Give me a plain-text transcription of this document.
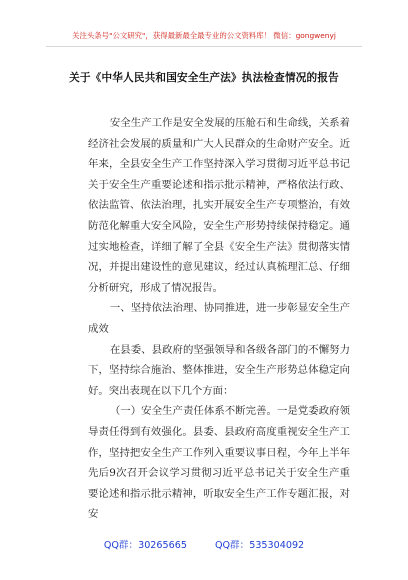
关注头条号"公文研究"，获得最新最全最专业的公文资料库！ 微信：gongwenyj
关于《中华人民共和国安全生产法》执法检查情况的报告

安全生产工作是安全发展的压舱石和生命线，关系着经济社会发展的质量和广大人民群众的生命财产安全。近年来，全县安全生产工作坚持深入学习贯彻习近平总书记关于安全生产重要论述和指示批示精神，严格依法行政、依法监管、依法治理，扎实开展安全生产专项整治，有效防范化解重大安全风险，安全生产形势持续保持稳定。通过实地检查，详细了解了全县《安全生产法》贯彻落实情况，并提出建设性的意见建议，经过认真梳理汇总、仔细分析研究，形成了情况报告。

一、坚持依法治理、协同推进，进一步彰显安全生产成效

在县委、县政府的坚强领导和各级各部门的不懈努力下，坚持综合施治、整体推进，安全生产形势总体稳定向好。突出表现在以下几个方面：

（一）安全生产责任体系不断完善。一是党委政府领导责任得到有效强化。县委、县政府高度重视安全生产工作，坚持把安全生产工作列入重要议事日程，今年上半年先后9次召开会议学习贯彻习近平总书记关于安全生产重要论述和指示批示精神，听取安全生产工作专题汇报，对安

QQ群：30265665	QQ群：535304092
